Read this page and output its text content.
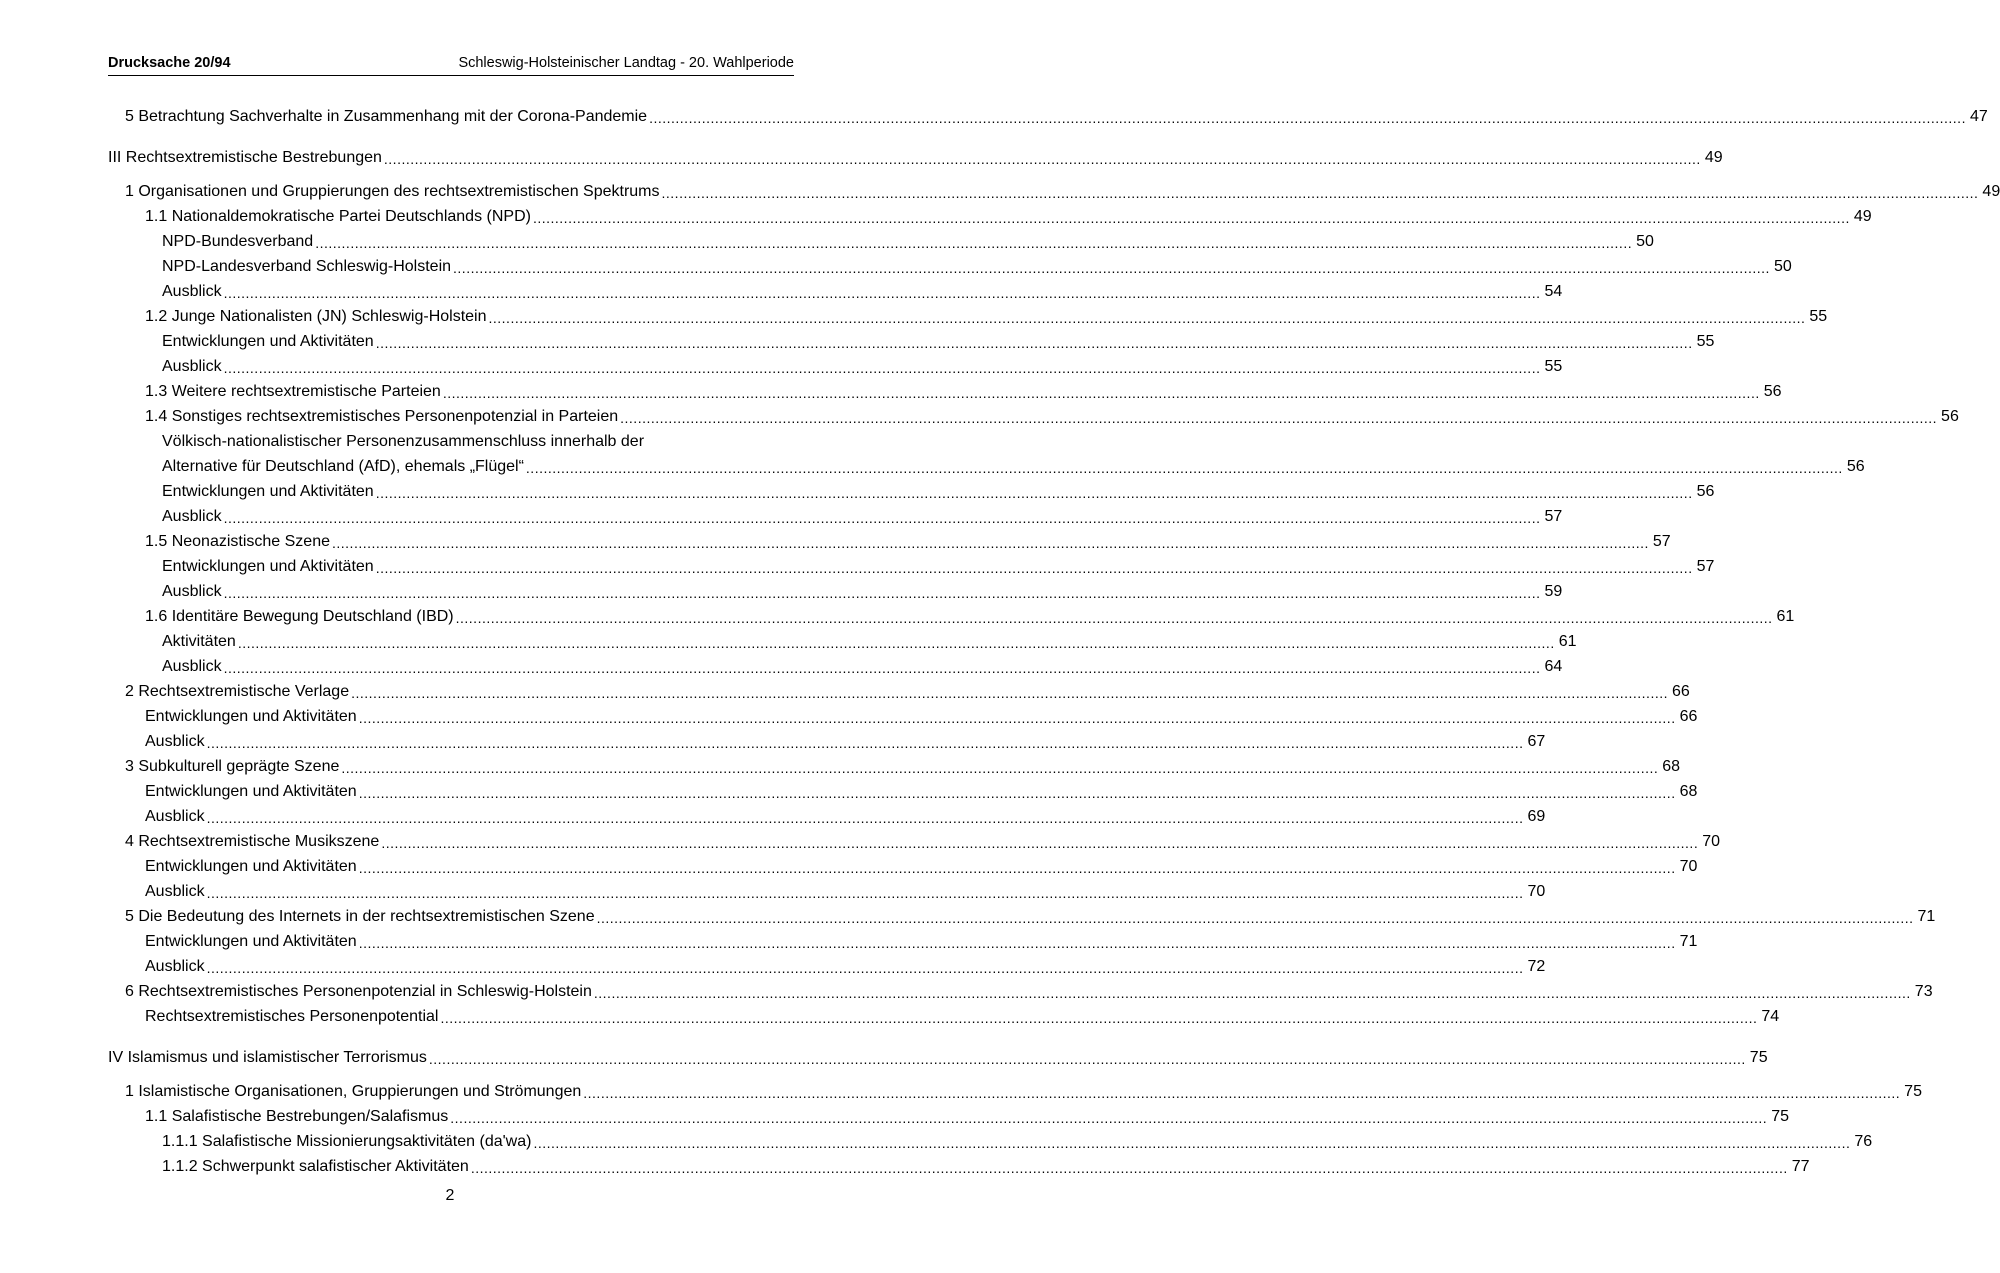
Drucksache 20/94	Schleswig-Holsteinischer Landtag - 20. Wahlperiode
5 Betrachtung Sachverhalte in Zusammenhang mit der Corona-Pandemie ............................................................................................................................................................................................................................................................................................................ 47
III Rechtsextremistische Bestrebungen ............................................................................................................................................................................................................................................................................................................ 49
1 Organisationen und Gruppierungen des rechtsextremistischen Spektrums ............................................................................................................................................................................................................................................................................................................ 49
1.1 Nationaldemokratische Partei Deutschlands (NPD) ............................................................................................................................................................................................................................................................................................................ 49
NPD-Bundesverband ............................................................................................................................................................................................................................................................................................................ 50
NPD-Landesverband Schleswig-Holstein ............................................................................................................................................................................................................................................................................................................ 50
Ausblick ............................................................................................................................................................................................................................................................................................................ 54
1.2 Junge Nationalisten (JN) Schleswig-Holstein ............................................................................................................................................................................................................................................................................................................ 55
Entwicklungen und Aktivitäten ............................................................................................................................................................................................................................................................................................................ 55
Ausblick ............................................................................................................................................................................................................................................................................................................ 55
1.3 Weitere rechtsextremistische Parteien ............................................................................................................................................................................................................................................................................................................ 56
1.4 Sonstiges rechtsextremistisches Personenpotenzial in Parteien ............................................................................................................................................................................................................................................................................................................ 56
Völkisch-nationalistischer Personenzusammenschluss innerhalb der
Alternative für Deutschland (AfD), ehemals „Flügel“ ............................................................................................................................................................................................................................................................................................................ 56
Entwicklungen und Aktivitäten ............................................................................................................................................................................................................................................................................................................ 56
Ausblick ............................................................................................................................................................................................................................................................................................................ 57
1.5 Neonazistische Szene ............................................................................................................................................................................................................................................................................................................ 57
Entwicklungen und Aktivitäten ............................................................................................................................................................................................................................................................................................................ 57
Ausblick ............................................................................................................................................................................................................................................................................................................ 59
1.6 Identitäre Bewegung Deutschland (IBD) ............................................................................................................................................................................................................................................................................................................ 61
Aktivitäten ............................................................................................................................................................................................................................................................................................................ 61
Ausblick ............................................................................................................................................................................................................................................................................................................ 64
2 Rechtsextremistische Verlage ............................................................................................................................................................................................................................................................................................................ 66
Entwicklungen und Aktivitäten ............................................................................................................................................................................................................................................................................................................ 66
Ausblick ............................................................................................................................................................................................................................................................................................................ 67
3 Subkulturell geprägte Szene ............................................................................................................................................................................................................................................................................................................ 68
Entwicklungen und Aktivitäten ............................................................................................................................................................................................................................................................................................................ 68
Ausblick ............................................................................................................................................................................................................................................................................................................ 69
4 Rechtsextremistische Musikszene ............................................................................................................................................................................................................................................................................................................ 70
Entwicklungen und Aktivitäten ............................................................................................................................................................................................................................................................................................................ 70
Ausblick ............................................................................................................................................................................................................................................................................................................ 70
5 Die Bedeutung des Internets in der rechtsextremistischen Szene ............................................................................................................................................................................................................................................................................................................ 71
Entwicklungen und Aktivitäten ............................................................................................................................................................................................................................................................................................................ 71
Ausblick ............................................................................................................................................................................................................................................................................................................ 72
6 Rechtsextremistisches Personenpotenzial in Schleswig-Holstein ............................................................................................................................................................................................................................................................................................................ 73
Rechtsextremistisches Personenpotential ............................................................................................................................................................................................................................................................................................................ 74
IV Islamismus und islamistischer Terrorismus ............................................................................................................................................................................................................................................................................................................ 75
1 Islamistische Organisationen, Gruppierungen und Strömungen ............................................................................................................................................................................................................................................................................................................ 75
1.1 Salafistische Bestrebungen/Salafismus ............................................................................................................................................................................................................................................................................................................ 75
1.1.1 Salafistische Missionierungsaktivitäten (da'wa) ............................................................................................................................................................................................................................................................................................................ 76
1.1.2 Schwerpunkt salafistischer Aktivitäten ............................................................................................................................................................................................................................................................................................................ 77
2
